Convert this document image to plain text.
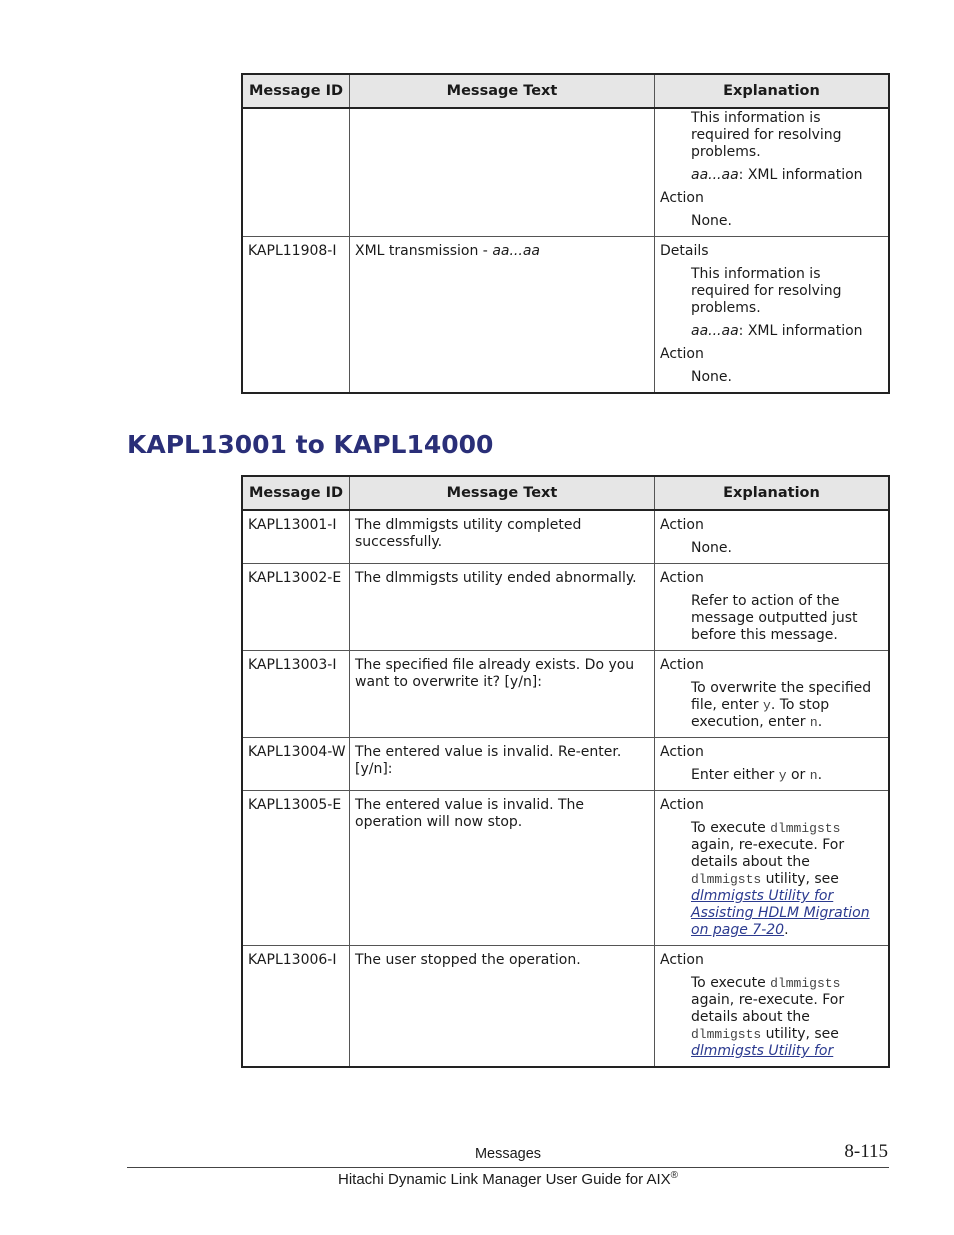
Message ID	Message Text	Explanation

		This information is required for resolving problems.

aa...aa: XML information

Action

None.

KAPL11908-I	XML transmission - aa...aa	Details

This information is required for resolving problems.

aa...aa: XML information

Action

None.

KAPL13001 to KAPL14000
Message ID	Message Text	Explanation
KAPL13001-I	The dlmmigsts utility completed successfully.	Action

None.

KAPL13002-E	The dlmmigsts utility ended abnormally.	Action

Refer to action of the message outputted just before this message.

KAPL13003-I	The specified file already exists. Do you want to overwrite it? [y/n]:	Action

To overwrite the specified file, enter y. To stop execution, enter n.

KAPL13004-W	The entered value is invalid. Re-enter. [y/n]:	Action

Enter either y or n.

KAPL13005-E	The entered value is invalid. The operation will now stop.	Action

To execute dlmmigsts again, re-execute. For details about the dlmmigsts utility, see dlmmigsts Utility for Assisting HDLM Migration on page 7-20.

KAPL13006-I	The user stopped the operation.	Action

To execute dlmmigsts again, re-execute. For details about the dlmmigsts utility, see dlmmigsts Utility for

Messages	8-115
Hitachi Dynamic Link Manager User Guide for AIX®
